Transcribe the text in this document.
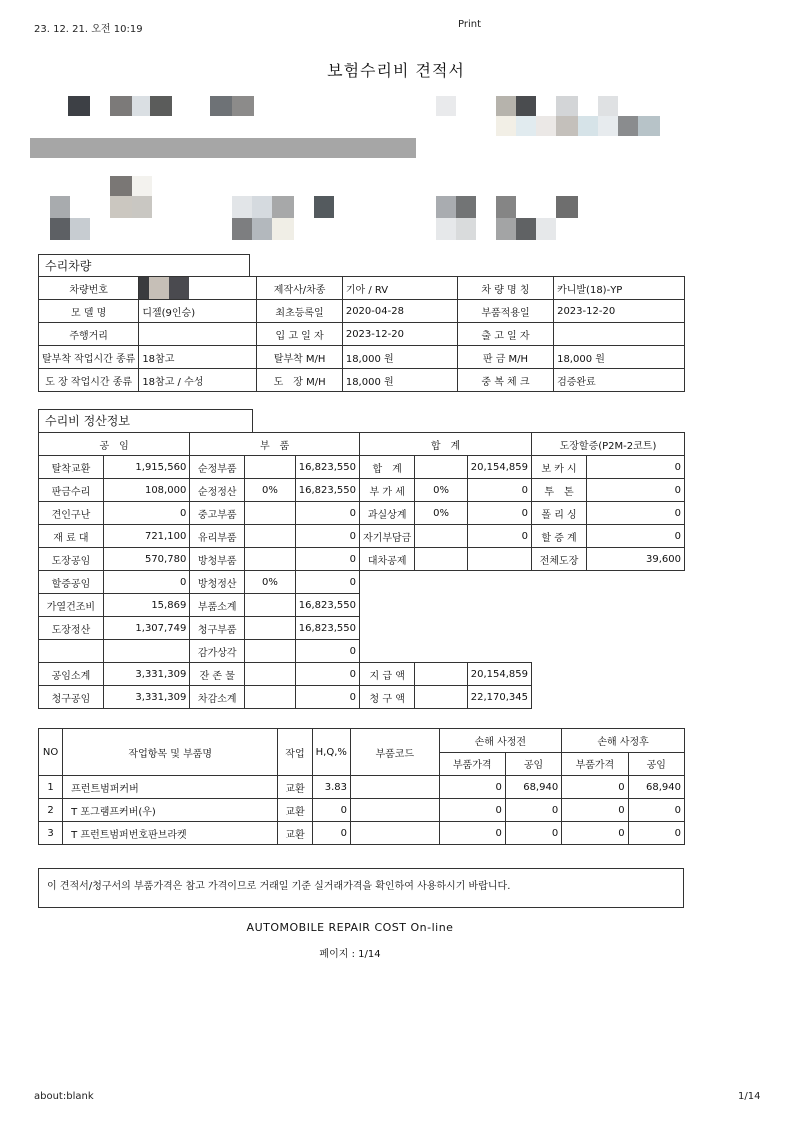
23. 12. 21. 오전 10:19	Print
보험수리비 견적서
수리차량
차량번호		제작사/차종	기아 / RV	차 량 명 칭	카니발(18)-YP
모 델 명	디젤(9인승)	최초등록일	2020-04-28	부품적용일	2023-12-20
주행거리		입 고 일 자	2023-12-20	출 고 일 자	
탈부착 작업시간 종류	18참고	탈부착 M/H	18,000 원	판 금 M/H	18,000 원
도 장 작업시간 종류	18참고 / 수성	도　장 M/H	18,000 원	중 복 체 크	검증완료
수리비 정산정보
공　임		부　품			합　계			도장할증(P2M-2코트)	
탈착교환	1,915,560	순정부품		16,823,550	합　계		20,154,859	보 카 시	0
판금수리	108,000	순정정산	0%	16,823,550	부 가 세	0%	0	투　톤	0
견인구난	0	중고부품		0	과실상계	0%	0	폴 리 싱	0
재 료 대	721,100	유리부품		0	자기부담금		0	할 증 계	0
도장공임	570,780	방청부품		0	대차공제			전체도장	39,600
할증공임	0	방청정산	0%	0					
가열건조비	15,869	부품소계		16,823,550					
도장정산	1,307,749	청구부품		16,823,550					
		감가상각		0					
공임소계	3,331,309	잔 존 물		0	지 급 액		20,154,859		
청구공임	3,331,309	차감소계		0	청 구 액		22,170,345		
NO	작업항목 및 부품명	작업	H,Q,%	부품코드	손해 사정전		손해 사정후	
					부품가격	공임	부품가격	공임
1	프런트범퍼커버	교환	3.83		0	68,940	0	68,940
2	T 포그램프커버(우)	교환	0		0	0	0	0
3	T 프런트범퍼번호판브라켓	교환	0		0	0	0	0
이 견적서/청구서의 부품가격은 참고 가격이므로 거래일 기준 실거래가격을 확인하여 사용하시기 바랍니다.
AUTOMOBILE REPAIR COST On-line
페이지 : 1/14
about:blank	1/14
